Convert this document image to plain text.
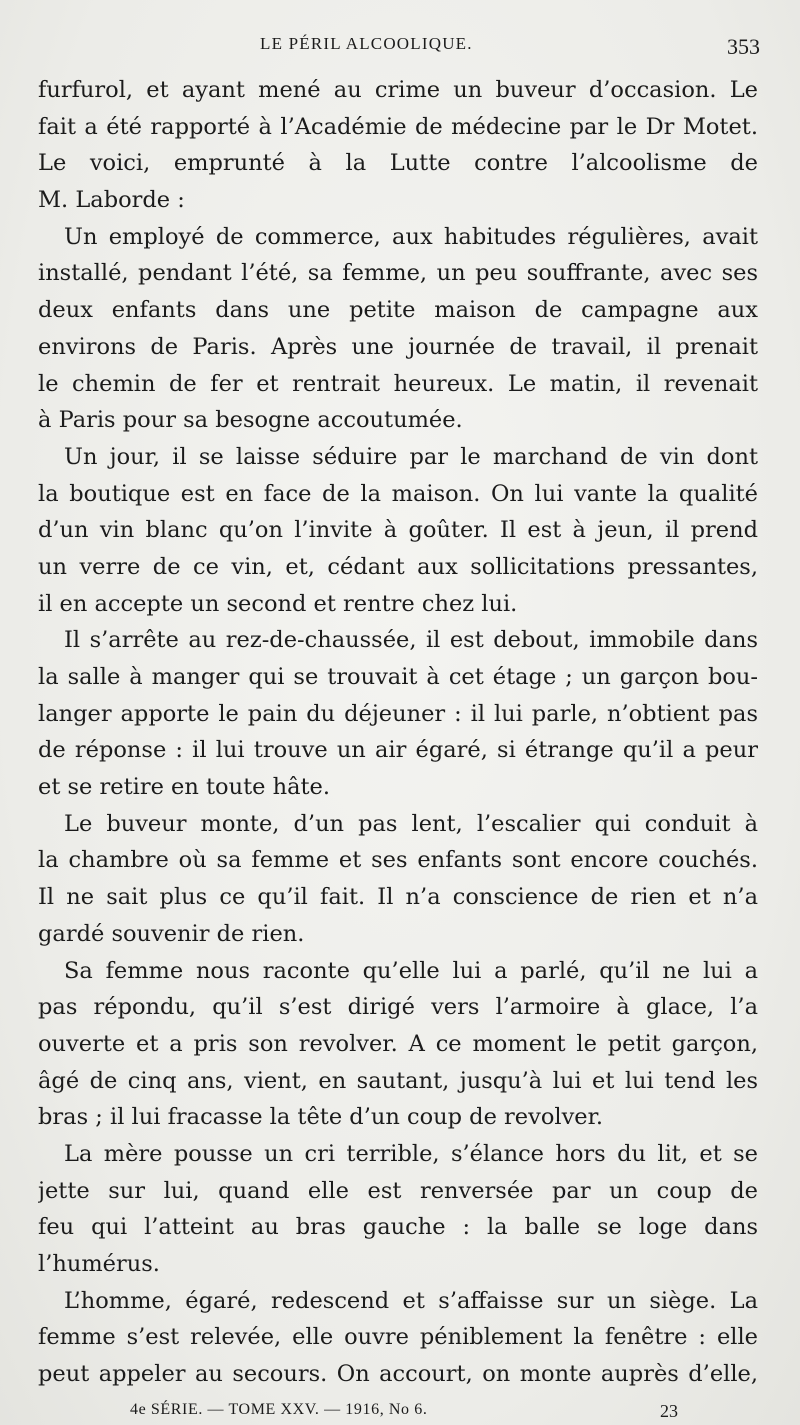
LE PÉRIL ALCOOLIQUE.	353
furfurol, et ayant mené au crime un buveur d’occasion. Le
fait a été rapporté à l’Académie de médecine par le Dr Motet.
Le voici, emprunté à la Lutte contre l’alcoolisme de
M. Laborde :
Un employé de commerce, aux habitudes régulières, avait
installé, pendant l’été, sa femme, un peu souffrante, avec ses
deux enfants dans une petite maison de campagne aux
environs de Paris. Après une journée de travail, il prenait
le chemin de fer et rentrait heureux. Le matin, il revenait
à Paris pour sa besogne accoutumée.
Un jour, il se laisse séduire par le marchand de vin dont
la boutique est en face de la maison. On lui vante la qualité
d’un vin blanc qu’on l’invite à goûter. Il est à jeun, il prend
un verre de ce vin, et, cédant aux sollicitations pressantes,
il en accepte un second et rentre chez lui.
Il s’arrête au rez-de-chaussée, il est debout, immobile dans
la salle à manger qui se trouvait à cet étage ; un garçon bou-
langer apporte le pain du déjeuner : il lui parle, n’obtient pas
de réponse : il lui trouve un air égaré, si étrange qu’il a peur
et se retire en toute hâte.
Le buveur monte, d’un pas lent, l’escalier qui conduit à
la chambre où sa femme et ses enfants sont encore couchés.
Il ne sait plus ce qu’il fait. Il n’a conscience de rien et n’a
gardé souvenir de rien.
Sa femme nous raconte qu’elle lui a parlé, qu’il ne lui a
pas répondu, qu’il s’est dirigé vers l’armoire à glace, l’a
ouverte et a pris son revolver. A ce moment le petit garçon,
âgé de cinq ans, vient, en sautant, jusqu’à lui et lui tend les
bras ; il lui fracasse la tête d’un coup de revolver.
La mère pousse un cri terrible, s’élance hors du lit, et se
jette sur lui, quand elle est renversée par un coup de
feu qui l’atteint au bras gauche : la balle se loge dans
l’humérus.
L’homme, égaré, redescend et s’affaisse sur un siège. La
femme s’est relevée, elle ouvre péniblement la fenêtre : elle
peut appeler au secours. On accourt, on monte auprès d’elle,
4e SÉRIE. — TOME XXV. — 1916, No 6.	23
